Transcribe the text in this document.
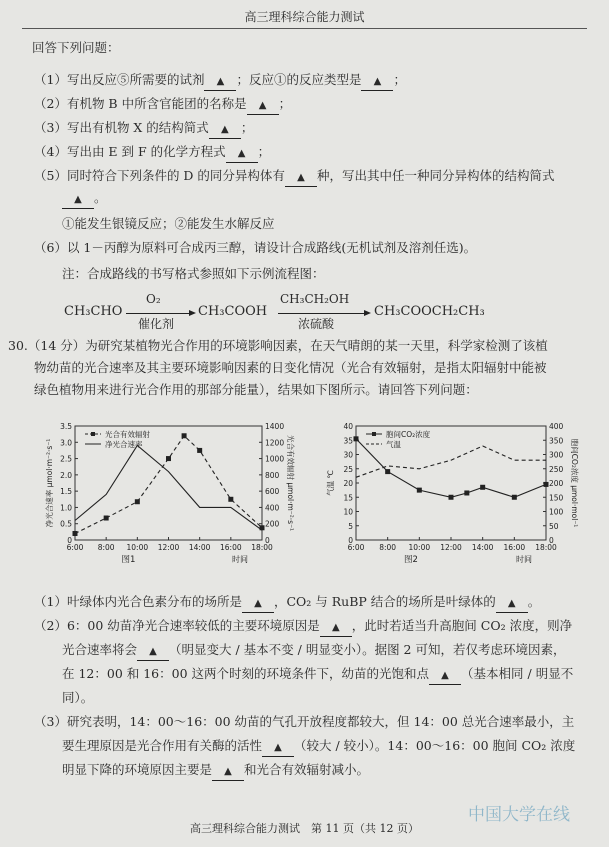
高三理科综合能力测试
回答下列问题：
（1）写出反应⑤所需要的试剂 ▲ ；反应①的反应类型是 ▲ ；
（2）有机物 B 中所含官能团的名称是 ▲ ；
（3）写出有机物 X 的结构简式 ▲ ；
（4）写出由 E 到 F 的化学方程式 ▲ ；
（5）同时符合下列条件的 D 的同分异构体有 ▲ 种，写出其中任一种同分异构体的结构简式
▲ 。
①能发生银镜反应；②能发生水解反应
（6）以 1－丙醇为原料可合成丙三醇，请设计合成路线(无机试剂及溶剂任选)。
注：合成路线的书写格式参照如下示例流程图：
CH₃CHO
O₂
催化剂
CH₃COOH
CH₃CH₂OH
浓硫酸
CH₃COOCH₂CH₃
30.（14 分）为研究某植物光合作用的环境影响因素，在天气晴朗的某一天里，科学家检测了该植
物幼苗的光合速率及其主要环境影响因素的日变化情况（光合有效辐射，是指太阳辐射中能被
绿色植物用来进行光合作用的那部分能量），结果如下图所示。请回答下列问题：
0
0.5
1.0
1.5
2.0
2.5
3.0
3.5
0
200
400
600
800
1000
1200
1400
6:00 8:00 10:00 12:00 14:00 16:00 18:00
图1	时间
净光合速率 μmol·m⁻²·s⁻¹	光合有效辐射 μmol·m⁻²·s⁻¹
光合有效辐射
净光合速率
0
5
10
15
20
25
30
35
40
0
50
100
150
200
250
300
350
400
6:00 8:00 10:00 12:00 14:00 16:00 18:00
图2	时间
气温 ℃	胞间CO₂浓度 μmol·mol⁻¹
胞间CO₂浓度
气温
（1）叶绿体内光合色素分布的场所是 ▲ ，CO₂ 与 RuBP 结合的场所是叶绿体的 ▲ 。
（2）6：00 幼苗净光合速率较低的主要环境原因是 ▲ ，此时若适当升高胞间 CO₂ 浓度，则净
光合速率将会 ▲ （明显变大 / 基本不变 / 明显变小）。据图 2 可知，若仅考虑环境因素，
在 12：00 和 16：00 这两个时刻的环境条件下，幼苗的光饱和点 ▲ （基本相同 / 明显不
同）。
（3）研究表明，14：00～16：00 幼苗的气孔开放程度都较大，但 14：00 总光合速率最小，主
要生理原因是光合作用有关酶的活性 ▲ （较大 / 较小）。14：00～16：00 胞间 CO₂ 浓度
明显下降的环境原因主要是 ▲ 和光合有效辐射减小。
中国大学在线
高三理科综合能力测试　第 11 页（共 12 页）
